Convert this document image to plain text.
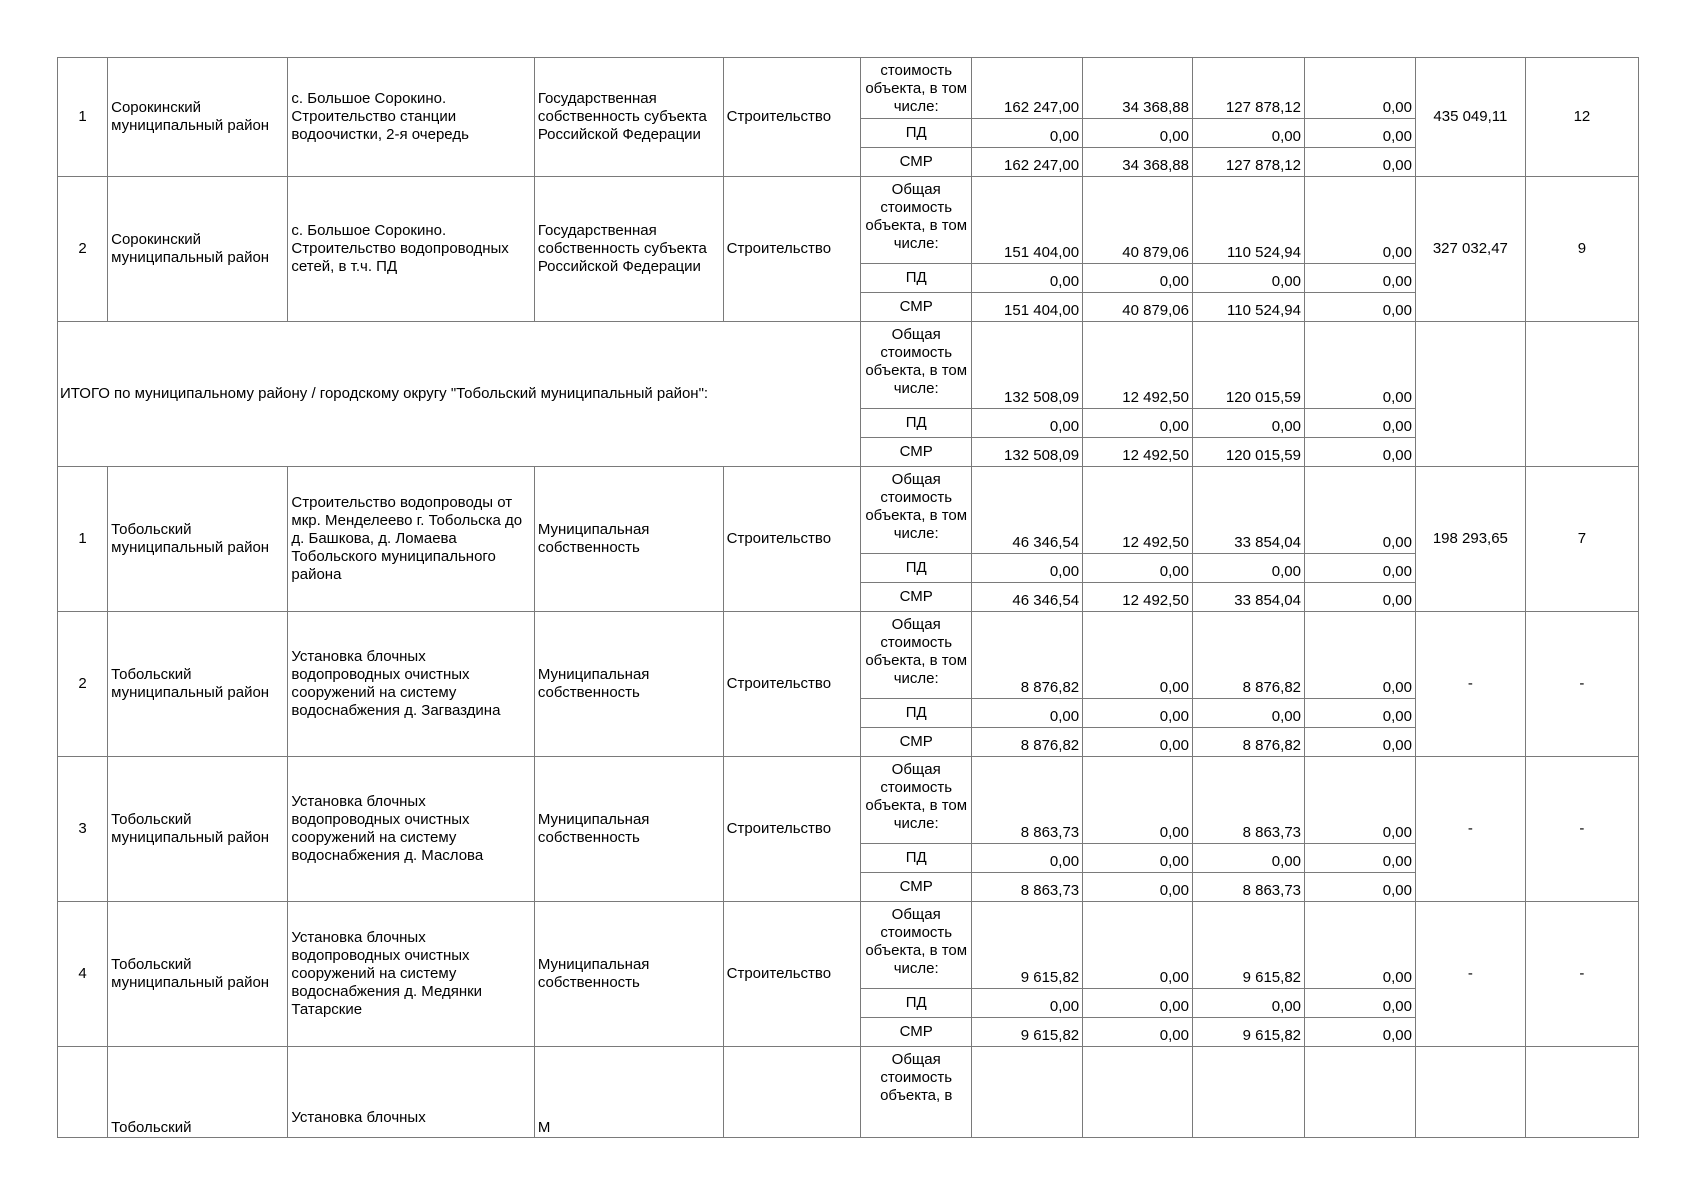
1	Сорокинский муниципальный район	с. Большое Сорокино. Строительство станции водоочистки, 2-я очередь	Государственная собственность субъекта Российской Федерации	Строительство	стоимость объекта, в том числе:	162 247,00	34 368,88	127 878,12	0,00	435 049,11	12
					ПД	0,00	0,00	0,00	0,00		
					СМР	162 247,00	34 368,88	127 878,12	0,00		
2	Сорокинский муниципальный район	с. Большое Сорокино. Строительство водопроводных сетей, в т.ч. ПД	Государственная собственность субъекта Российской Федерации	Строительство	Общая стоимость объекта, в том числе:	151 404,00	40 879,06	110 524,94	0,00	327 032,47	9
					ПД	0,00	0,00	0,00	0,00		
					СМР	151 404,00	40 879,06	110 524,94	0,00		
ИТОГО по муниципальному району / городскому округу "Тобольский муниципальный район":					Общая стоимость объекта, в том числе:	132 508,09	12 492,50	120 015,59	0,00		
					ПД	0,00	0,00	0,00	0,00		
					СМР	132 508,09	12 492,50	120 015,59	0,00		
1	Тобольский муниципальный район	Строительство водопроводы от мкр. Менделеево г. Тобольска до д. Башкова, д. Ломаева Тобольского муниципального района	Муниципальная собственность	Строительство	Общая стоимость объекта, в том числе:	46 346,54	12 492,50	33 854,04	0,00	198 293,65	7
					ПД	0,00	0,00	0,00	0,00		
					СМР	46 346,54	12 492,50	33 854,04	0,00		
2	Тобольский муниципальный район	Установка блочных водопроводных очистных сооружений на систему водоснабжения д. Загваздина	Муниципальная собственность	Строительство	Общая стоимость объекта, в том числе:	8 876,82	0,00	8 876,82	0,00	-	-
					ПД	0,00	0,00	0,00	0,00		
					СМР	8 876,82	0,00	8 876,82	0,00		
3	Тобольский муниципальный район	Установка блочных водопроводных очистных сооружений на систему водоснабжения д. Маслова	Муниципальная собственность	Строительство	Общая стоимость объекта, в том числе:	8 863,73	0,00	8 863,73	0,00	-	-
					ПД	0,00	0,00	0,00	0,00		
					СМР	8 863,73	0,00	8 863,73	0,00		
4	Тобольский муниципальный район	Установка блочных водопроводных очистных сооружений на систему водоснабжения д. Медянки Татарские	Муниципальная собственность	Строительство	Общая стоимость объекта, в том числе:	9 615,82	0,00	9 615,82	0,00	-	-
					ПД	0,00	0,00	0,00	0,00		
					СМР	9 615,82	0,00	9 615,82	0,00		
	Тобольский	Установка блочных	М		Общая стоимость объекта, в						
